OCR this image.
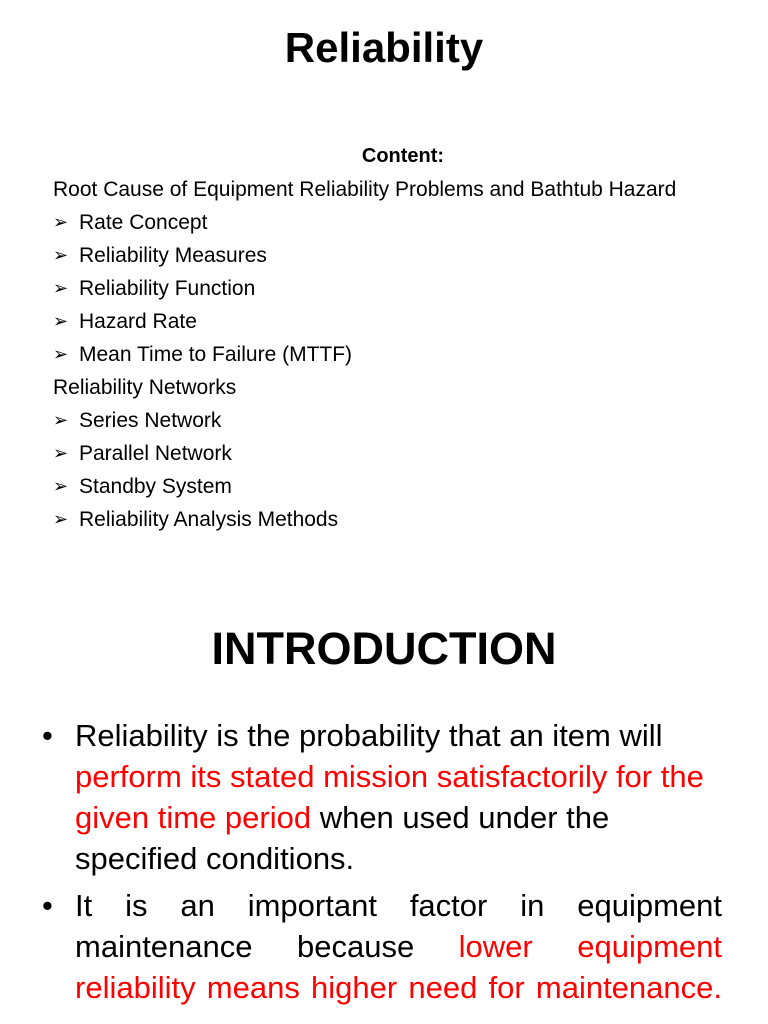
Reliability
Content:
Root Cause of Equipment Reliability Problems and Bathtub Hazard
➢ Rate Concept
➢ Reliability Measures
➢ Reliability Function
➢ Hazard Rate
➢ Mean Time to Failure (MTTF)
Reliability Networks
➢ Series Network
➢ Parallel Network
➢ Standby System
➢ Reliability Analysis Methods
INTRODUCTION
• Reliability is the probability that an item will perform its stated mission satisfactorily for the given time period when used under the specified conditions.
• It is an important factor in equipment maintenance because lower equipment reliability means higher need for maintenance.
